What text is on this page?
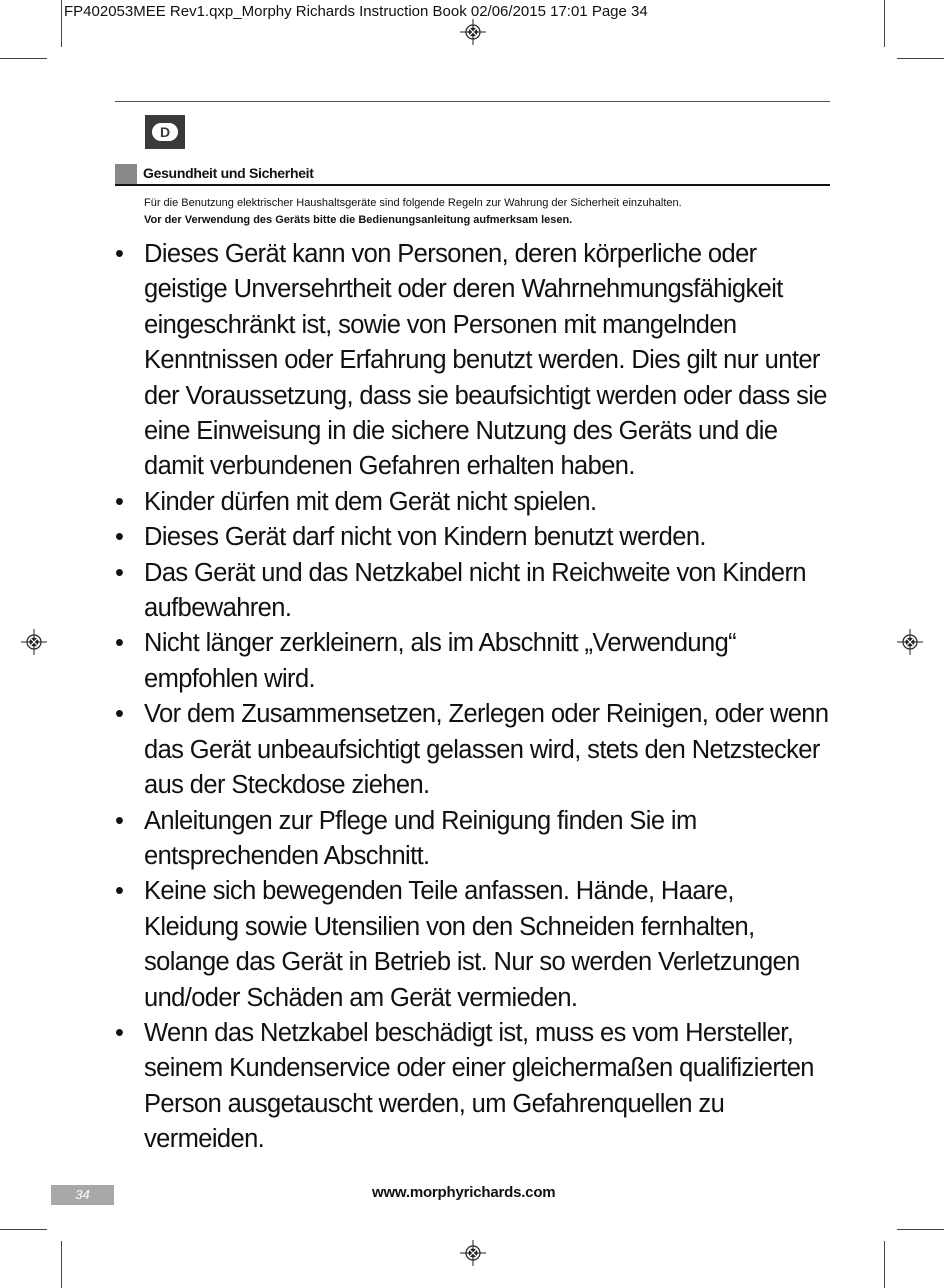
FP402053MEE Rev1.qxp_Morphy Richards Instruction Book 02/06/2015 17:01 Page 34
D
Gesundheit und Sicherheit
Für die Benutzung elektrischer Haushaltsgeräte sind folgende Regeln zur Wahrung der Sicherheit einzuhalten.
Vor der Verwendung des Geräts bitte die Bedienungsanleitung aufmerksam lesen.
• Dieses Gerät kann von Personen, deren körperliche oder geistige Unversehrtheit oder deren Wahrnehmungsfähigkeit eingeschränkt ist, sowie von Personen mit mangelnden Kenntnissen oder Erfahrung benutzt werden. Dies gilt nur unter der Voraussetzung, dass sie beaufsichtigt werden oder dass sie eine Einweisung in die sichere Nutzung des Geräts und die damit verbundenen Gefahren erhalten haben.
• Kinder dürfen mit dem Gerät nicht spielen.
• Dieses Gerät darf nicht von Kindern benutzt werden.
• Das Gerät und das Netzkabel nicht in Reichweite von Kindern aufbewahren.
• Nicht länger zerkleinern, als im Abschnitt „Verwendung“ empfohlen wird.
• Vor dem Zusammensetzen, Zerlegen oder Reinigen, oder wenn das Gerät unbeaufsichtigt gelassen wird, stets den Netzstecker aus der Steckdose ziehen.
• Anleitungen zur Pflege und Reinigung finden Sie im entsprechenden Abschnitt.
• Keine sich bewegenden Teile anfassen. Hände, Haare, Kleidung sowie Utensilien von den Schneiden fernhalten, solange das Gerät in Betrieb ist. Nur so werden Verletzungen und/oder Schäden am Gerät vermieden.
• Wenn das Netzkabel beschädigt ist, muss es vom Hersteller, seinem Kundenservice oder einer gleichermaßen qualifizierten Person ausgetauscht werden, um Gefahrenquellen zu vermeiden.
34	www.morphyrichards.com
